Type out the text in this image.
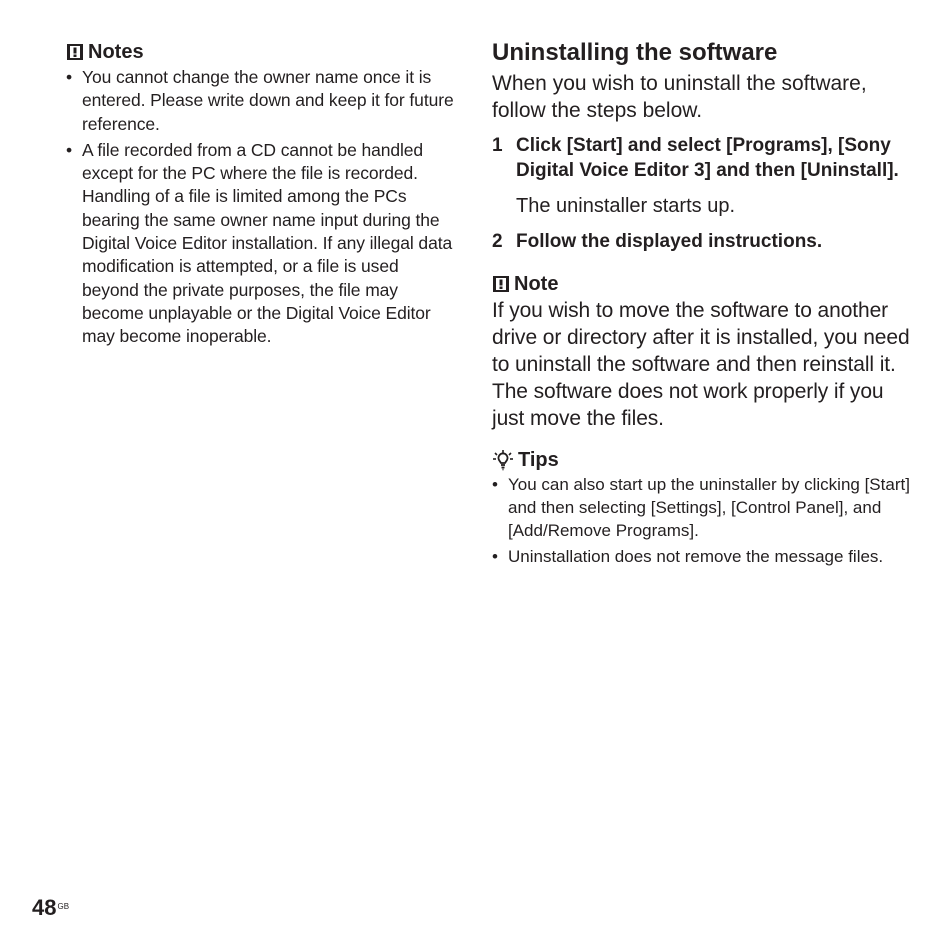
Notes
• You cannot change the owner name once it is entered. Please write down and keep it for future reference.
• A file recorded from a CD cannot be handled except for the PC where the file is recorded. Handling of a file is limited among the PCs bearing the same owner name input during the Digital Voice Editor installation. If any illegal data modification is attempted, or a file is used beyond the private purposes, the file may become unplayable or the Digital Voice Editor may become inoperable.
Uninstalling the software

When you wish to uninstall the software, follow the steps below.

1 Click [Start] and select [Programs], [Sony Digital Voice Editor 3] and then [Uninstall].

The uninstaller starts up.

2 Follow the displayed instructions.
Note

If you wish to move the software to another drive or directory after it is installed, you need to uninstall the software and then reinstall it. The software does not work properly if you just move the files.

Tips
• You can also start up the uninstaller by clicking [Start] and then selecting [Settings], [Control Panel], and [Add/Remove Programs].
• Uninstallation does not remove the message files.
$48^{GB}$
